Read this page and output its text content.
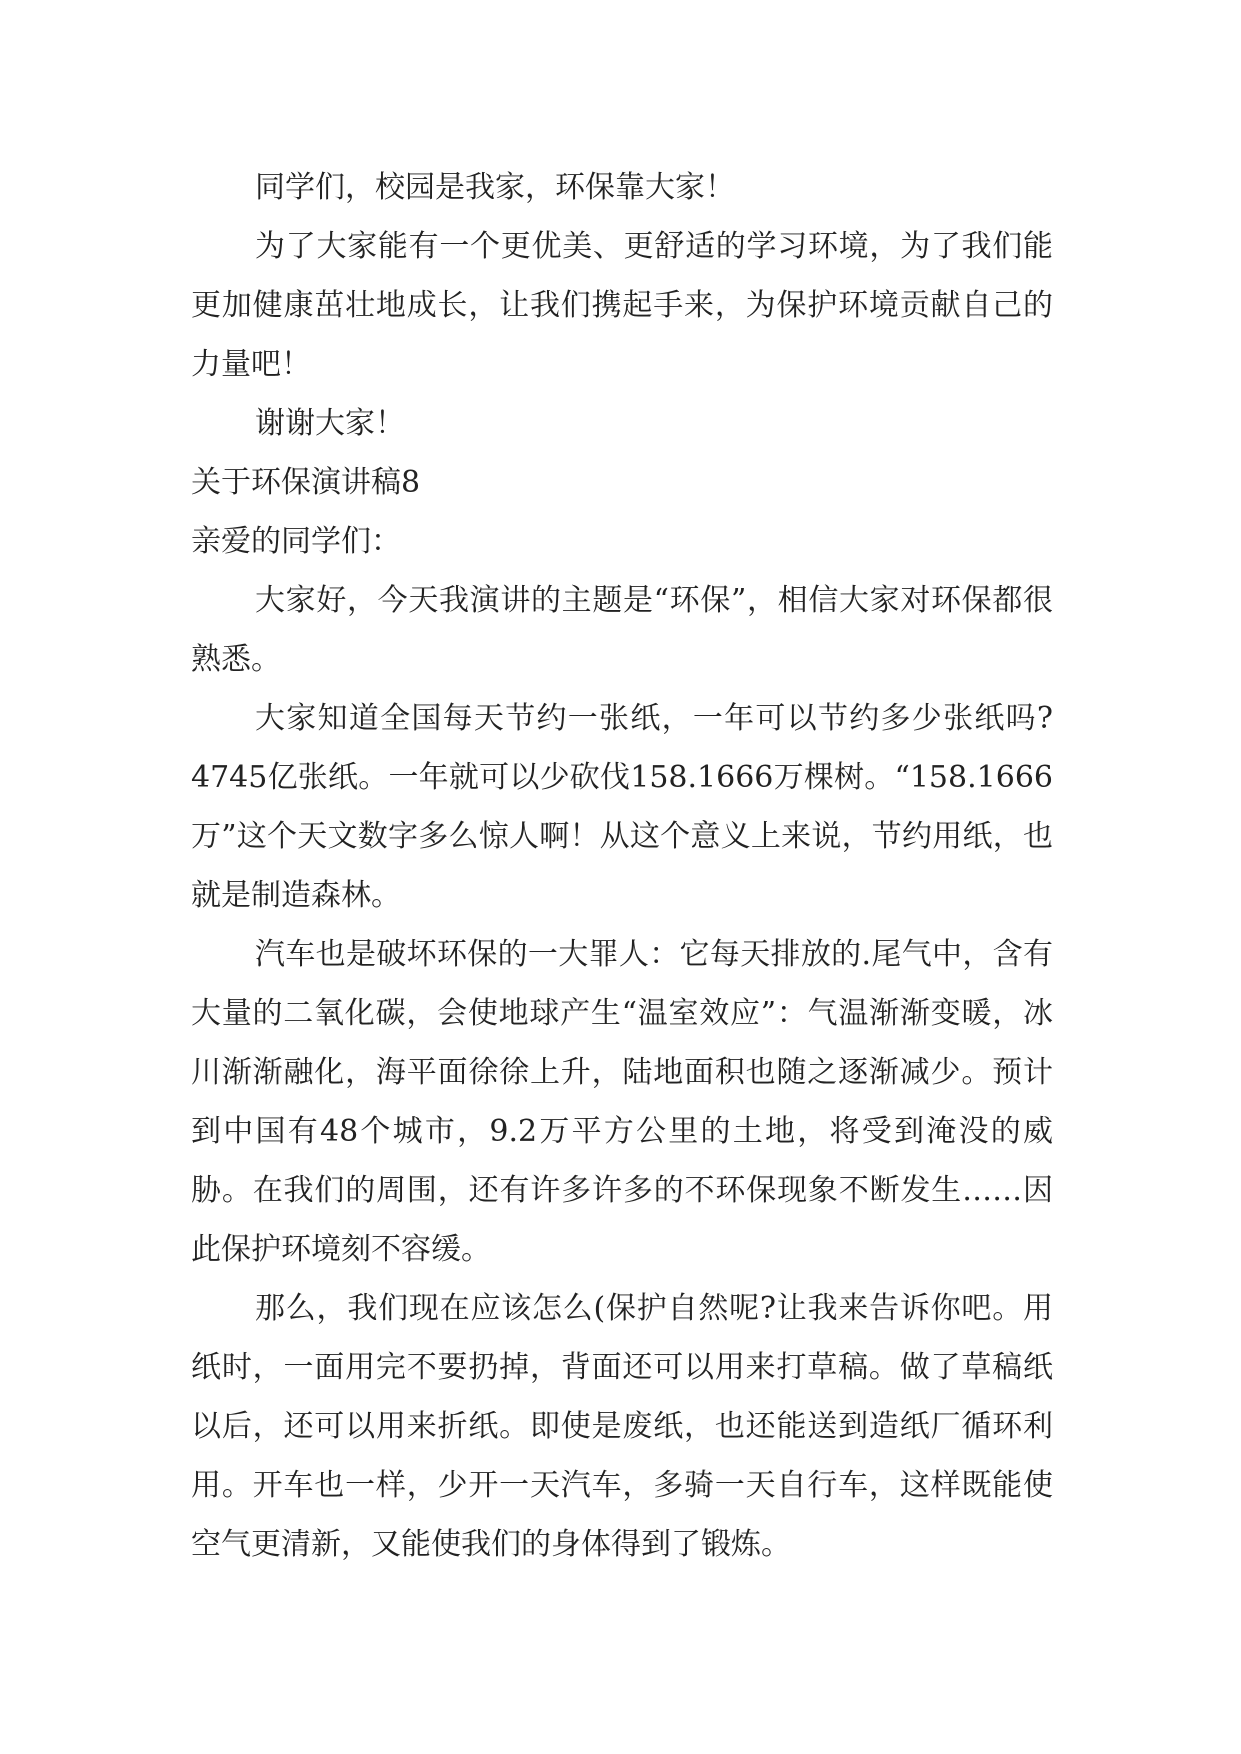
同学们，校园是我家，环保靠大家！

为了大家能有一个更优美、更舒适的学习环境，为了我们能更加健康茁壮地成长，让我们携起手来，为保护环境贡献自己的力量吧！

谢谢大家！

关于环保演讲稿8

亲爱的同学们：

大家好，今天我演讲的主题是“环保”，相信大家对环保都很熟悉。

大家知道全国每天节约一张纸，一年可以节约多少张纸吗?4745亿张纸。一年就可以少砍伐158.1666万棵树。“158.1666万”这个天文数字多么惊人啊！从这个意义上来说，节约用纸，也就是制造森林。

汽车也是破坏环保的一大罪人：它每天排放的.尾气中，含有大量的二氧化碳，会使地球产生“温室效应”：气温渐渐变暖，冰川渐渐融化，海平面徐徐上升，陆地面积也随之逐渐减少。预计到中国有48个城市，9.2万平方公里的土地，将受到淹没的威胁。在我们的周围，还有许多许多的不环保现象不断发生……因此保护环境刻不容缓。

那么，我们现在应该怎么(保护自然呢?让我来告诉你吧。用纸时，一面用完不要扔掉，背面还可以用来打草稿。做了草稿纸以后，还可以用来折纸。即使是废纸，也还能送到造纸厂循环利用。开车也一样，少开一天汽车，多骑一天自行车，这样既能使空气更清新，又能使我们的身体得到了锻炼。
